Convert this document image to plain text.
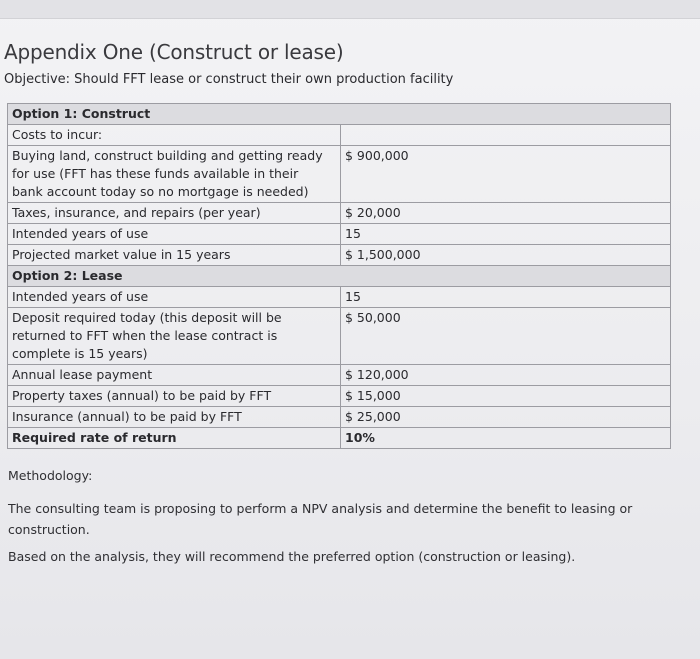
Appendix One (Construct or lease)
Objective: Should FFT lease or construct their own production facility
Option 1: Construct	
Costs to incur:	

Buying land, construct building and getting ready
for use (FFT has these funds available in their
bank account today so no mortgage is needed)	$ 900,000
Taxes, insurance, and repairs (per year)	$ 20,000
Intended years of use	15
Projected market value in 15 years	$ 1,500,000
Option 2: Lease	
Intended years of use	15

Deposit required today (this deposit will be
returned to FFT when the lease contract is
complete is 15 years)	$ 50,000
Annual lease payment	$ 120,000
Property taxes (annual) to be paid by FFT	$ 15,000
Insurance (annual) to be paid by FFT	$ 25,000
Required rate of return	10%
Methodology:
The consulting team is proposing to perform a NPV analysis and determine the benefit to leasing or construction.
Based on the analysis, they will recommend the preferred option (construction or leasing).
